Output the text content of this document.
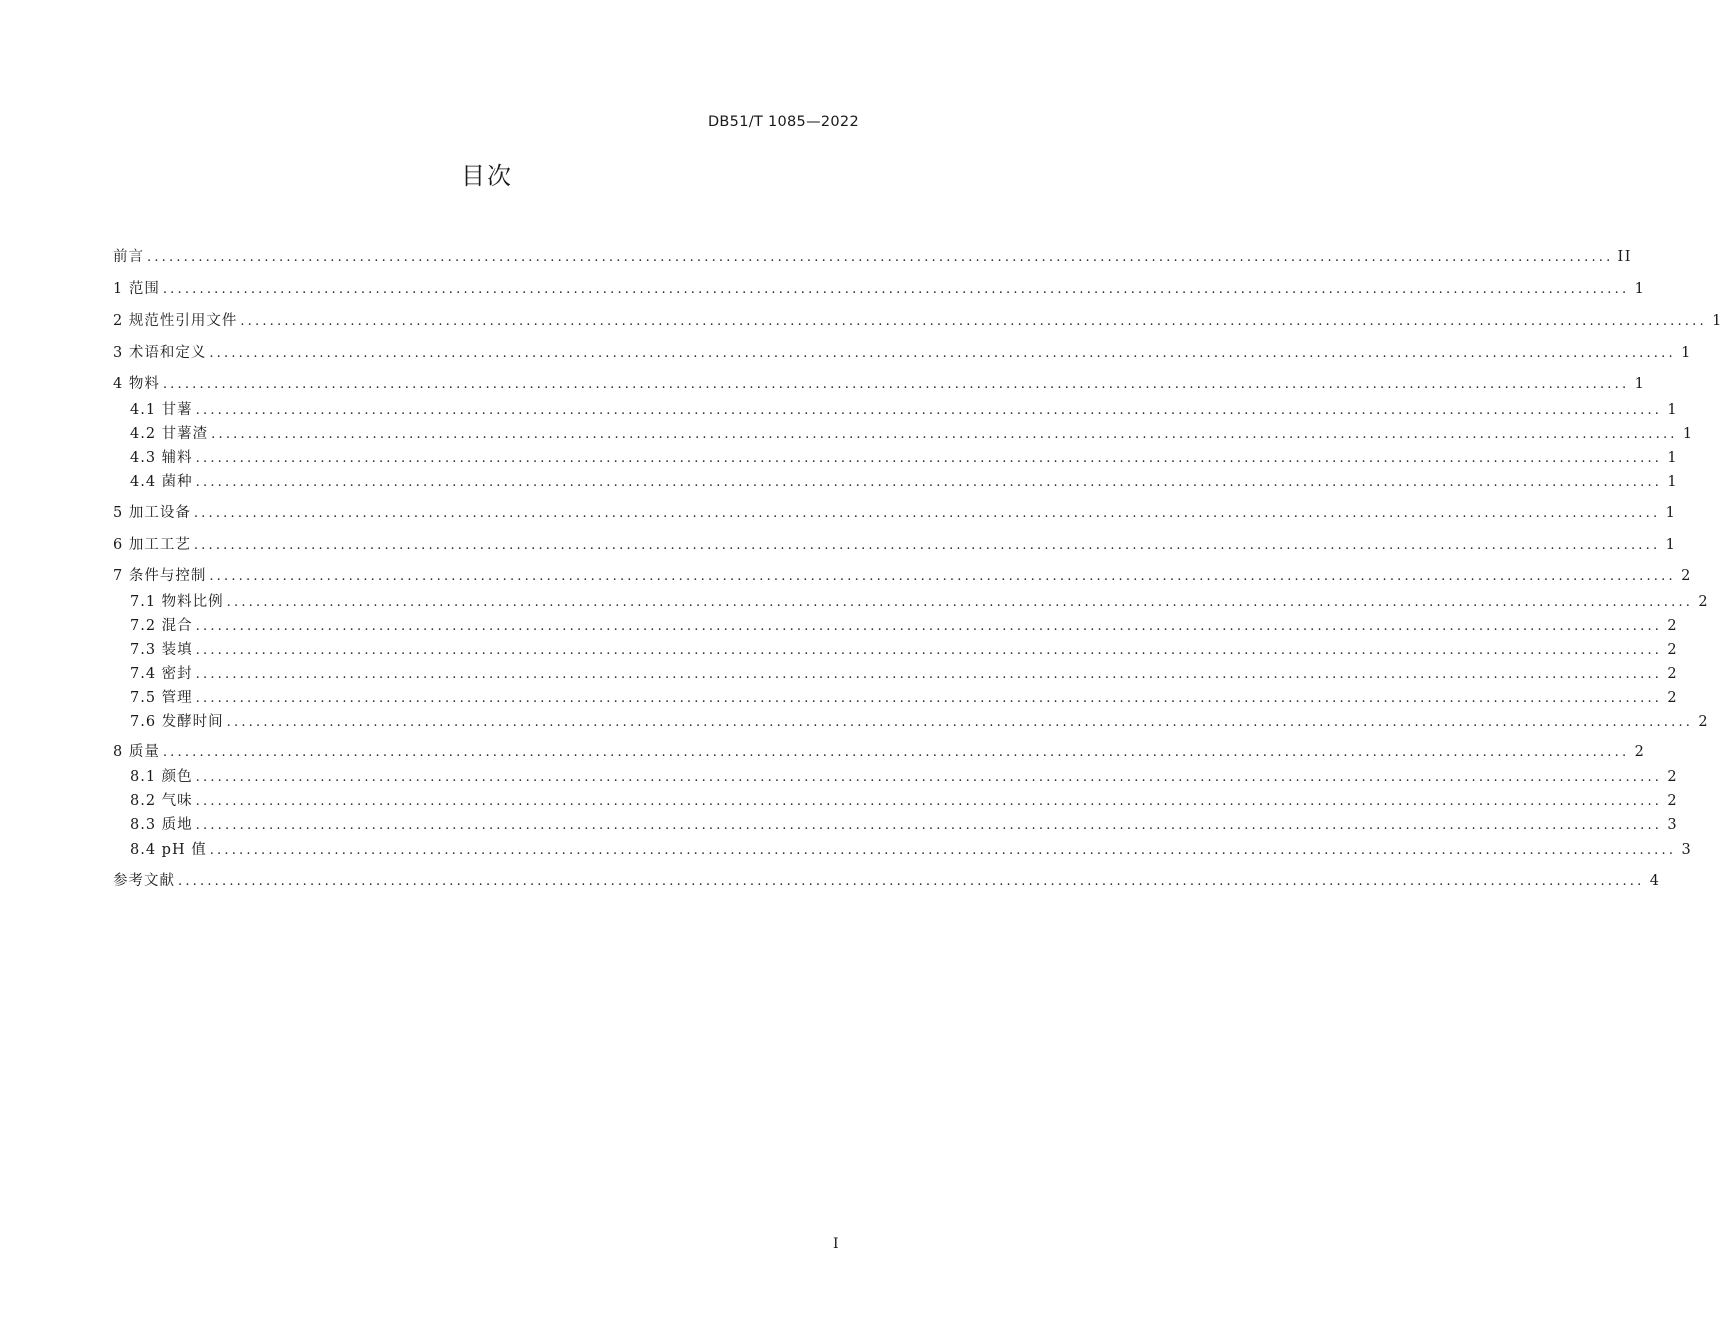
DB51/T 1085—2022
目次
前言 ........................................................................................................................................................................................................ II
1 范围 ........................................................................................................................................................................................................ 1
2 规范性引用文件 ........................................................................................................................................................................................................ 1
3 术语和定义 ........................................................................................................................................................................................................ 1
4 物料 ........................................................................................................................................................................................................ 1
4.1 甘薯 ........................................................................................................................................................................................................ 1
4.2 甘薯渣 ........................................................................................................................................................................................................ 1
4.3 辅料 ........................................................................................................................................................................................................ 1
4.4 菌种 ........................................................................................................................................................................................................ 1
5 加工设备 ........................................................................................................................................................................................................ 1
6 加工工艺 ........................................................................................................................................................................................................ 1
7 条件与控制 ........................................................................................................................................................................................................ 2
7.1 物料比例 ........................................................................................................................................................................................................ 2
7.2 混合 ........................................................................................................................................................................................................ 2
7.3 装填 ........................................................................................................................................................................................................ 2
7.4 密封 ........................................................................................................................................................................................................ 2
7.5 管理 ........................................................................................................................................................................................................ 2
7.6 发酵时间 ........................................................................................................................................................................................................ 2
8 质量 ........................................................................................................................................................................................................ 2
8.1 颜色 ........................................................................................................................................................................................................ 2
8.2 气味 ........................................................................................................................................................................................................ 2
8.3 质地 ........................................................................................................................................................................................................ 3
8.4 pH 值 ........................................................................................................................................................................................................ 3
参考文献 ........................................................................................................................................................................................................ 4
I
